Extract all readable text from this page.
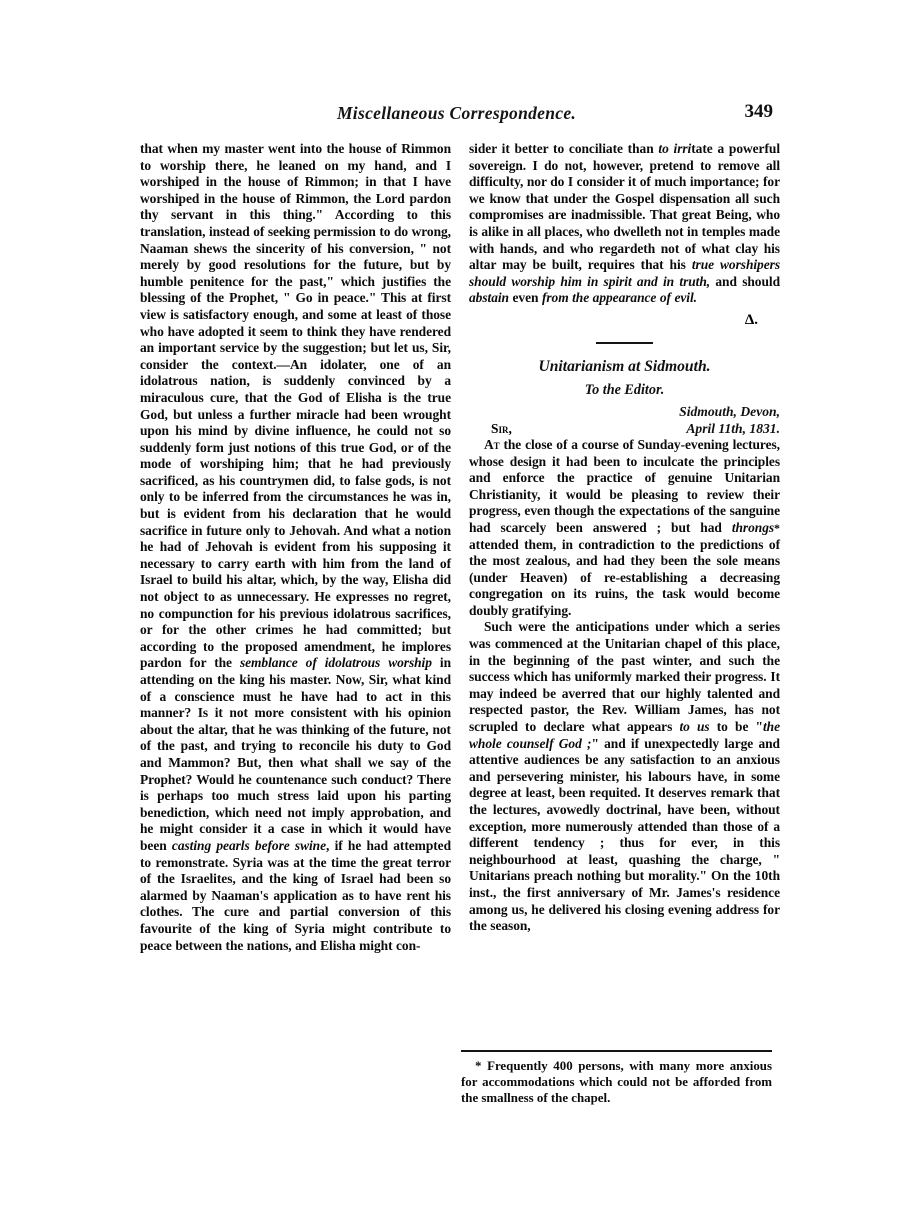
Miscellaneous Correspondence.	349

that when my master went into the house of Rimmon to worship there, he leaned on my hand, and I worshiped in the house of Rimmon; in that I have worshiped in the house of Rimmon, the Lord pardon thy servant in this thing." According to this translation, instead of seeking permission to do wrong, Naaman shews the sincerity of his conversion, " not merely by good resolutions for the future, but by humble penitence for the past," which justifies the blessing of the Prophet, " Go in peace." This at first view is satisfactory enough, and some at least of those who have adopted it seem to think they have rendered an important service by the suggestion; but let us, Sir, consider the context.—An idolater, one of an idolatrous nation, is suddenly convinced by a miraculous cure, that the God of Elisha is the true God, but unless a further miracle had been wrought upon his mind by divine influence, he could not so suddenly form just notions of this true God, or of the mode of worshiping him; that he had previously sacrificed, as his countrymen did, to false gods, is not only to be inferred from the circumstances he was in, but is evident from his declaration that he would sacrifice in future only to Jehovah. And what a notion he had of Jehovah is evident from his supposing it necessary to carry earth with him from the land of Israel to build his altar, which, by the way, Elisha did not object to as unnecessary. He expresses no regret, no compunction for his previous idolatrous sacrifices, or for the other crimes he had committed; but according to the proposed amendment, he implores pardon for the semblance of idolatrous worship in attending on the king his master. Now, Sir, what kind of a conscience must he have had to act in this manner? Is it not more consistent with his opinion about the altar, that he was thinking of the future, not of the past, and trying to reconcile his duty to God and Mammon? But, then what shall we say of the Prophet? Would he countenance such conduct? There is perhaps too much stress laid upon his parting benediction, which need not imply approbation, and he might consider it a case in which it would have been casting pearls before swine, if he had attempted to remonstrate. Syria was at the time the great terror of the Israelites, and the king of Israel had been so alarmed by Naaman's application as to have rent his clothes. The cure and partial conversion of this favourite of the king of Syria might contribute to peace between the nations, and Elisha might con-

sider it better to conciliate than to irritate a powerful sovereign. I do not, however, pretend to remove all difficulty, nor do I consider it of much importance; for we know that under the Gospel dispensation all such compromises are inadmissible. That great Being, who is alike in all places, who dwelleth not in temples made with hands, and who regardeth not of what clay his altar may be built, requires that his true worshipers should worship him in spirit and in truth, and should abstain even from the appearance of evil.

Δ.

Unitarianism at Sidmouth.
To the Editor.
Sidmouth, Devon,
April 11th, 1831.
Sir,

At the close of a course of Sunday-evening lectures, whose design it had been to inculcate the principles and enforce the practice of genuine Unitarian Christianity, it would be pleasing to review their progress, even though the expectations of the sanguine had scarcely been answered ; but had throngs* attended them, in contradiction to the predictions of the most zealous, and had they been the sole means (under Heaven) of re-establishing a decreasing congregation on its ruins, the task would become doubly gratifying.

Such were the anticipations under which a series was commenced at the Unitarian chapel of this place, in the beginning of the past winter, and such the success which has uniformly marked their progress. It may indeed be averred that our highly talented and respected pastor, the Rev. William James, has not scrupled to declare what appears to us to be "the whole counself God ;" and if unexpectedly large and attentive audiences be any satisfaction to an anxious and persevering minister, his labours have, in some degree at least, been requited. It deserves remark that the lectures, avowedly doctrinal, have been, without exception, more numerously attended than those of a different tendency ; thus for ever, in this neighbourhood at least, quashing the charge, " Unitarians preach nothing but morality." On the 10th inst., the first anniversary of Mr. James's residence among us, he delivered his closing evening address for the season,

* Frequently 400 persons, with many more anxious for accommodations which could not be afforded from the smallness of the chapel.
